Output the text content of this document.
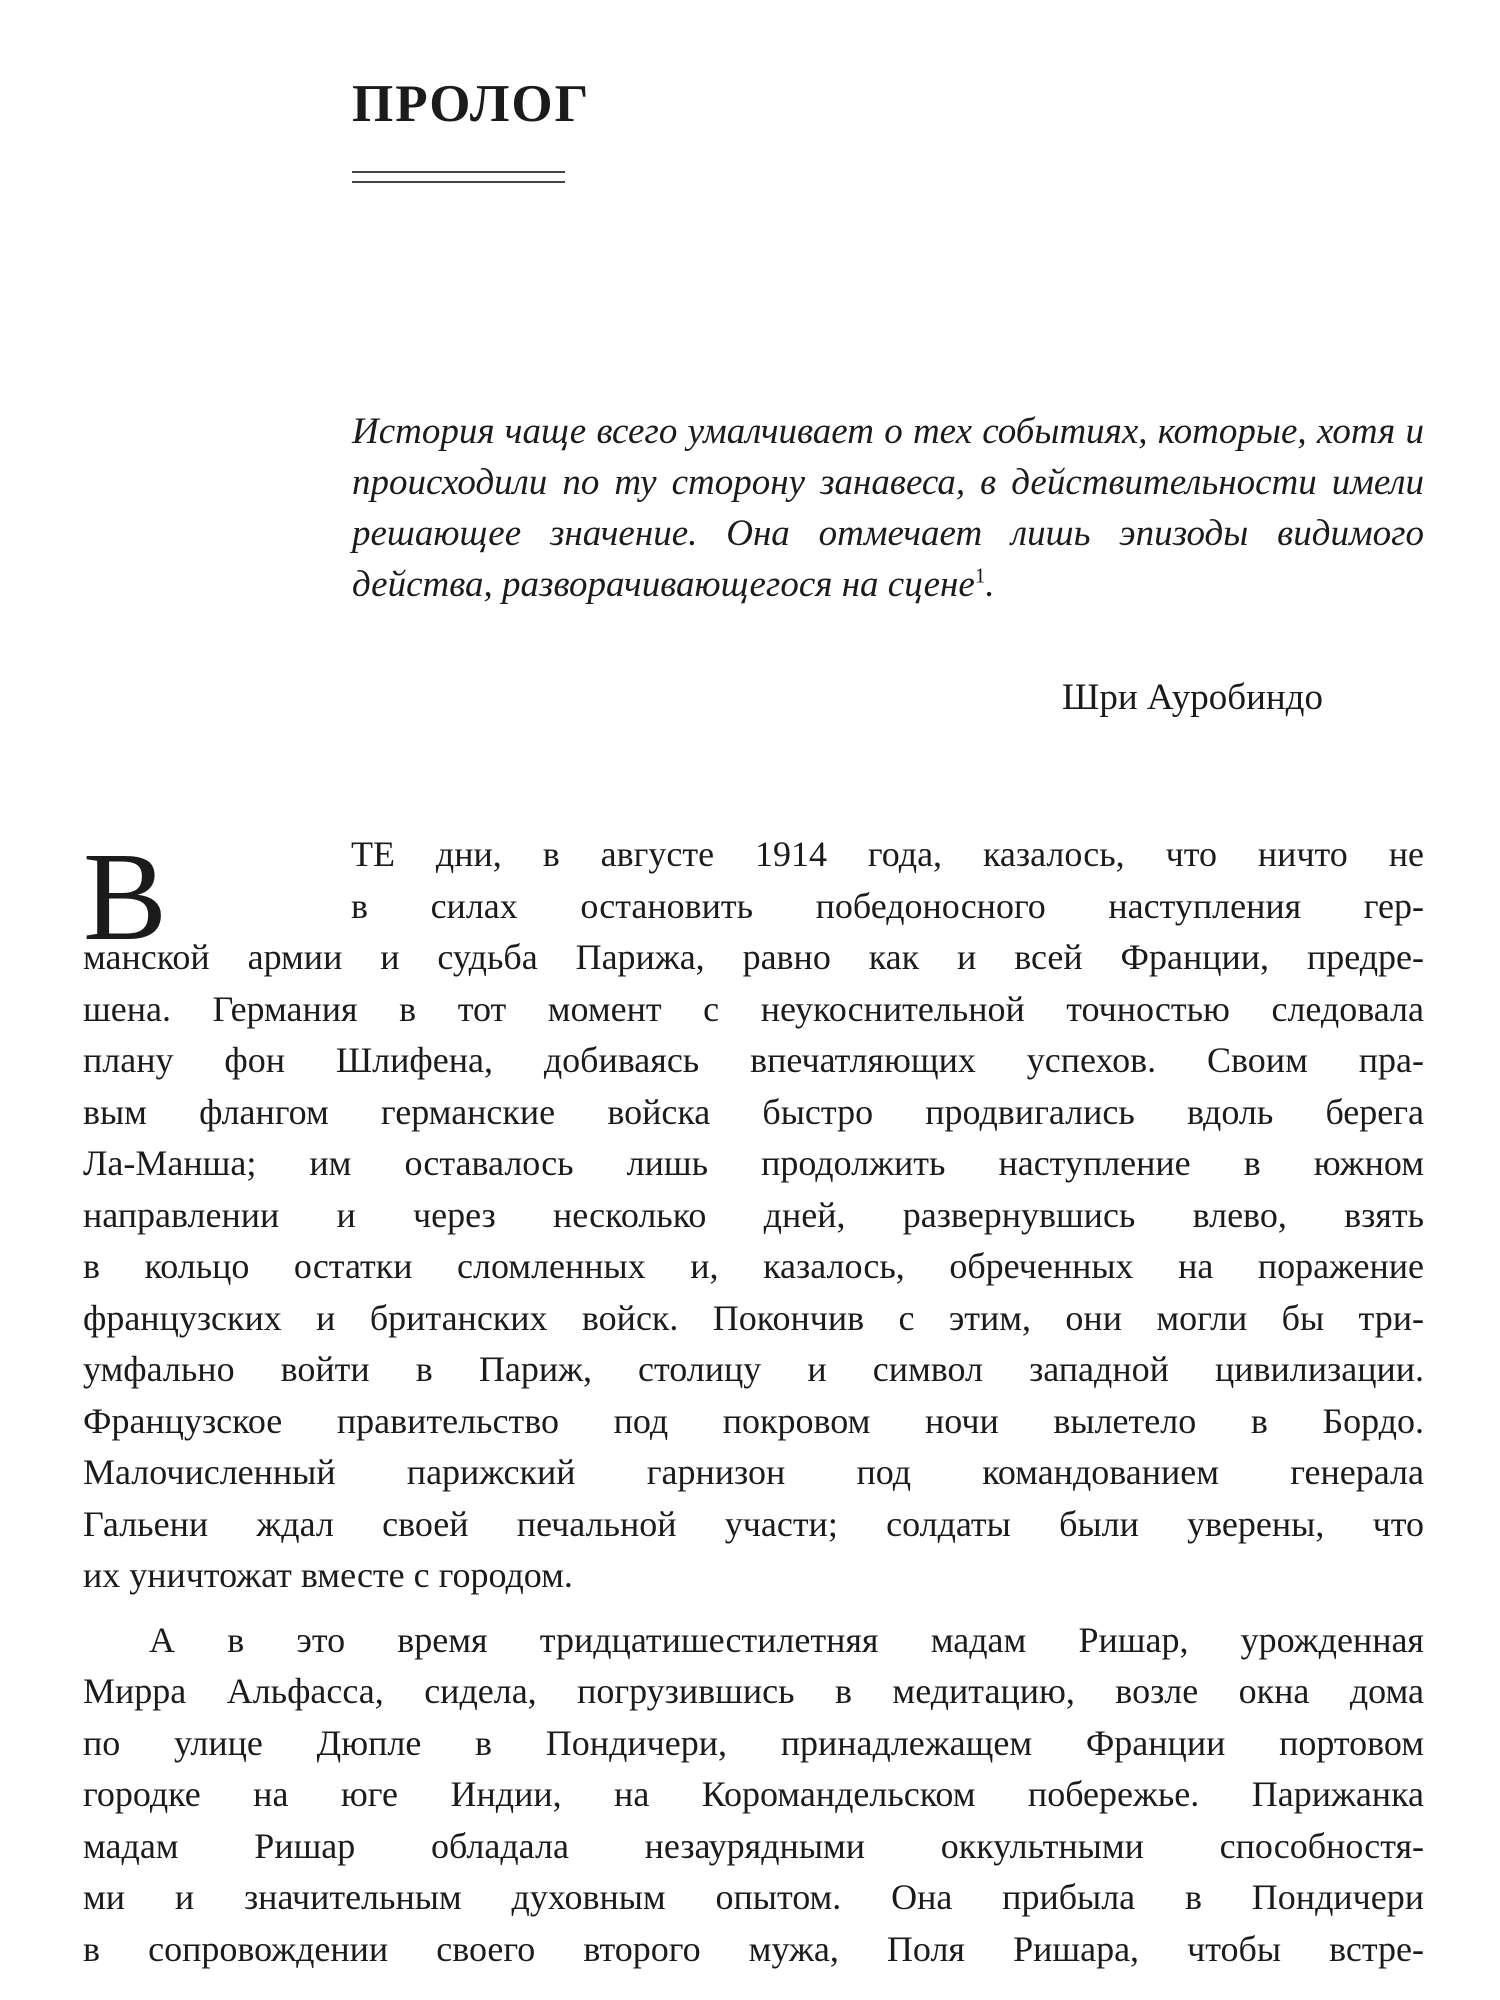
ПРОЛОГ

История чаще всего умалчивает о тех событиях, которые, хотя и происходили по ту сторону занавеса, в действительности имели решающее значение. Она отмечает лишь эпизоды видимого действа, разворачивающегося на сцене$^1$.

Шри Ауробиндо

В	ТЕ дни, в августе 1914 года, казалось, что ничто не
в силах остановить победоносного наступления гер-
манской армии и судьба Парижа, равно как и всей Франции, предре-
шена. Германия в тот момент с неукоснительной точностью следовала
плану фон Шлифена, добиваясь впечатляющих успехов. Своим пра-
вым флангом германские войска быстро продвигались вдоль берега
Ла-Манша; им оставалось лишь продолжить наступление в южном
направлении и через несколько дней, развернувшись влево, взять
в кольцо остатки сломленных и, казалось, обреченных на поражение
французских и британских войск. Покончив с этим, они могли бы три-
умфально войти в Париж, столицу и символ западной цивилизации.
Французское правительство под покровом ночи вылетело в Бордо.
Малочисленный парижский гарнизон под командованием генерала
Гальени ждал своей печальной участи; солдаты были уверены, что
их уничтожат вместе с городом.
А в это время тридцатишестилетняя мадам Ришар, урожденная
Мирра Альфасса, сидела, погрузившись в медитацию, возле окна дома
по улице Дюпле в Пондичери, принадлежащем Франции портовом
городке на юге Индии, на Коромандельском побережье. Парижанка
мадам Ришар обладала незаурядными оккультными способностя-
ми и значительным духовным опытом. Она прибыла в Пондичери
в сопровождении своего второго мужа, Поля Ришара, чтобы встре-
